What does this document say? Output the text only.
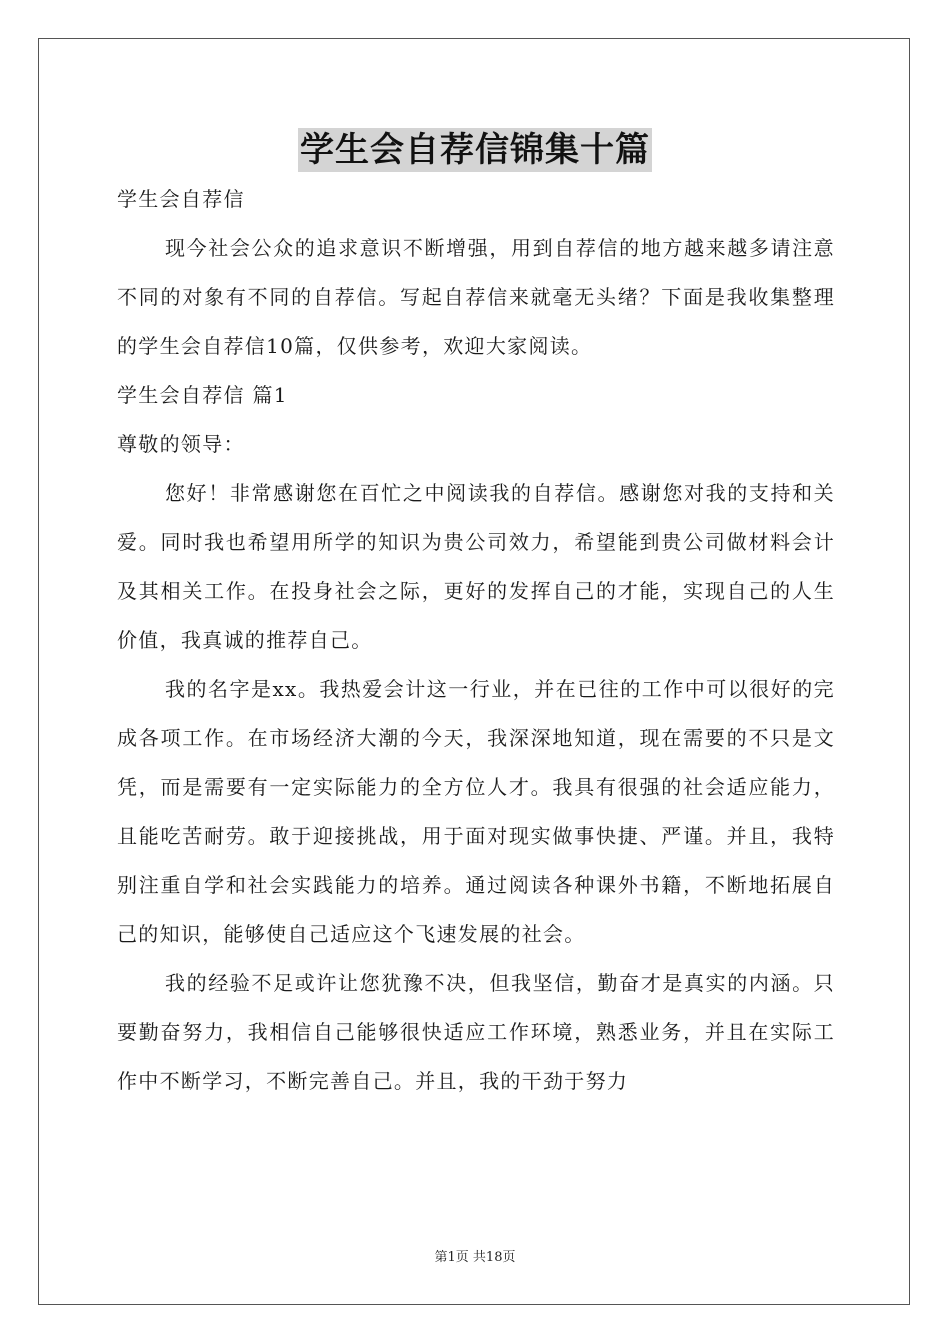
学生会自荐信锦集十篇
学生会自荐信

现今社会公众的追求意识不断增强，用到自荐信的地方越来越多请注意不同的对象有不同的自荐信。写起自荐信来就毫无头绪？下面是我收集整理的学生会自荐信10篇，仅供参考，欢迎大家阅读。

学生会自荐信 篇1
尊敬的领导：

您好！非常感谢您在百忙之中阅读我的自荐信。感谢您对我的支持和关爱。同时我也希望用所学的知识为贵公司效力，希望能到贵公司做材料会计及其相关工作。在投身社会之际，更好的发挥自己的才能，实现自己的人生价值，我真诚的推荐自己。

我的名字是xx。我热爱会计这一行业，并在已往的工作中可以很好的完成各项工作。在市场经济大潮的今天，我深深地知道，现在需要的不只是文凭，而是需要有一定实际能力的全方位人才。我具有很强的社会适应能力，且能吃苦耐劳。敢于迎接挑战，用于面对现实做事快捷、严谨。并且，我特别注重自学和社会实践能力的培养。通过阅读各种课外书籍，不断地拓展自己的知识，能够使自己适应这个飞速发展的社会。

我的经验不足或许让您犹豫不决，但我坚信，勤奋才是真实的内涵。只要勤奋努力，我相信自己能够很快适应工作环境，熟悉业务，并且在实际工作中不断学习，不断完善自己。并且，我的干劲于努力

第1页 共18页
